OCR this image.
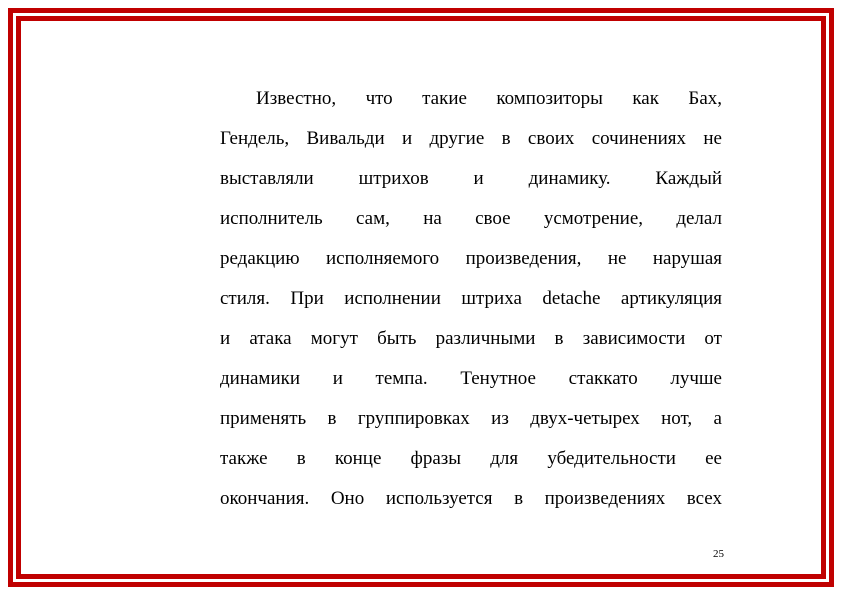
Известно, что такие композиторы как Бах,
Гендель, Вивальди и другие в своих сочинениях не
выставляли штрихов и динамику. Каждый
исполнитель сам, на свое усмотрение, делал
редакцию исполняемого произведения, не нарушая
стиля. При исполнении штриха detache артикуляция
и атака могут быть различными в зависимости от
динамики и темпа. Тенутное стаккато лучше
применять в группировках из двух-четырех нот, а
также в конце фразы для убедительности ее
окончания. Оно используется в произведениях всех
25
